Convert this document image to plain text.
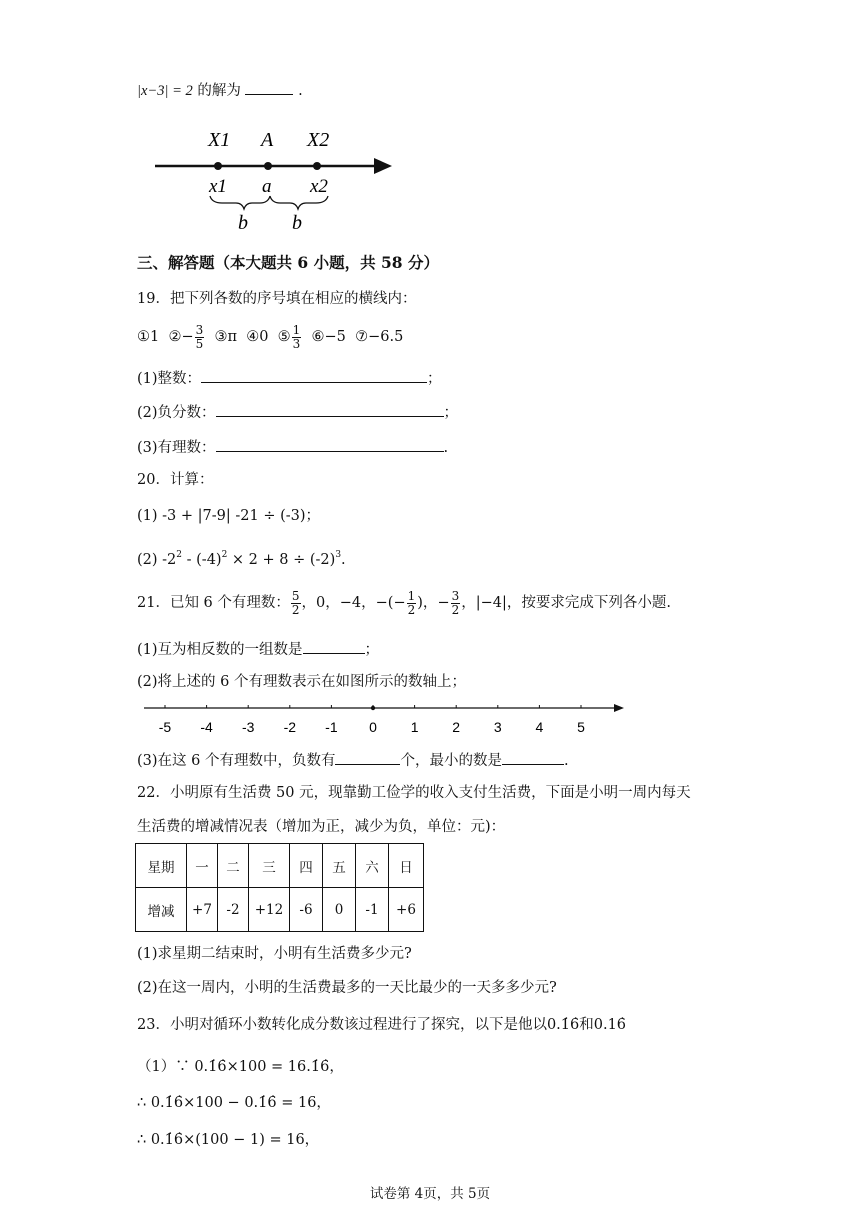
|x−3| = 2 的解为	.
X1 A X2
x1 a x2
b b
三、解答题（本大题共 6 小题，共 58 分）
19．把下列各数的序号填在相应的横线内：
①1 ②− $\frac{3}{5}$ ③π ④0 ⑤ $\frac{1}{3}$ ⑥−5 ⑦−6.5
(1)整数：	；
(2)负分数：	；
(3)有理数：	.
20．计算：
(1) -3 + |7-9| -21 ÷ (-3)；
(2) $-2^2 - (-4)^2 \times 2 + 8 \div (-2)^3$.
21．已知 6 个有理数： $\frac{5}{2}$ ，0，−4，−(− $\frac{1}{2}$ )，− $\frac{3}{2}$ ，|−4|，按要求完成下列各小题.
(1)互为相反数的一组数是	；
(2)将上述的 6 个有理数表示在如图所示的数轴上；
-5 -4 -3 -2 -1 0 1 2 3 4 5
(3)在这 6 个有理数中，负数有	个，最小的数是	.
22．小明原有生活费 50 元，现靠勤工俭学的收入支付生活费，下面是小明一周内每天
生活费的增减情况表（增加为正，减少为负，单位：元)：
星期	一	二	三	四	五	六	日
增减	+7	-2	+12	-6	0	-1	+6
(1)求星期二结束时，小明有生活费多少元?
(2)在这一周内，小明的生活费最多的一天比最少的一天多多少元?
23．小明对循环小数转化成分数该过程进行了探究，以下是他以0.1̇6̇和0.16̇
（1）∵ 0.1̇6̇×100 = 16.1̇6̇，
∴ 0.1̇6̇×100 − 0.1̇6̇ = 16，
∴ 0.1̇6̇×(100 − 1) = 16，
试卷第 4页，共 5页
